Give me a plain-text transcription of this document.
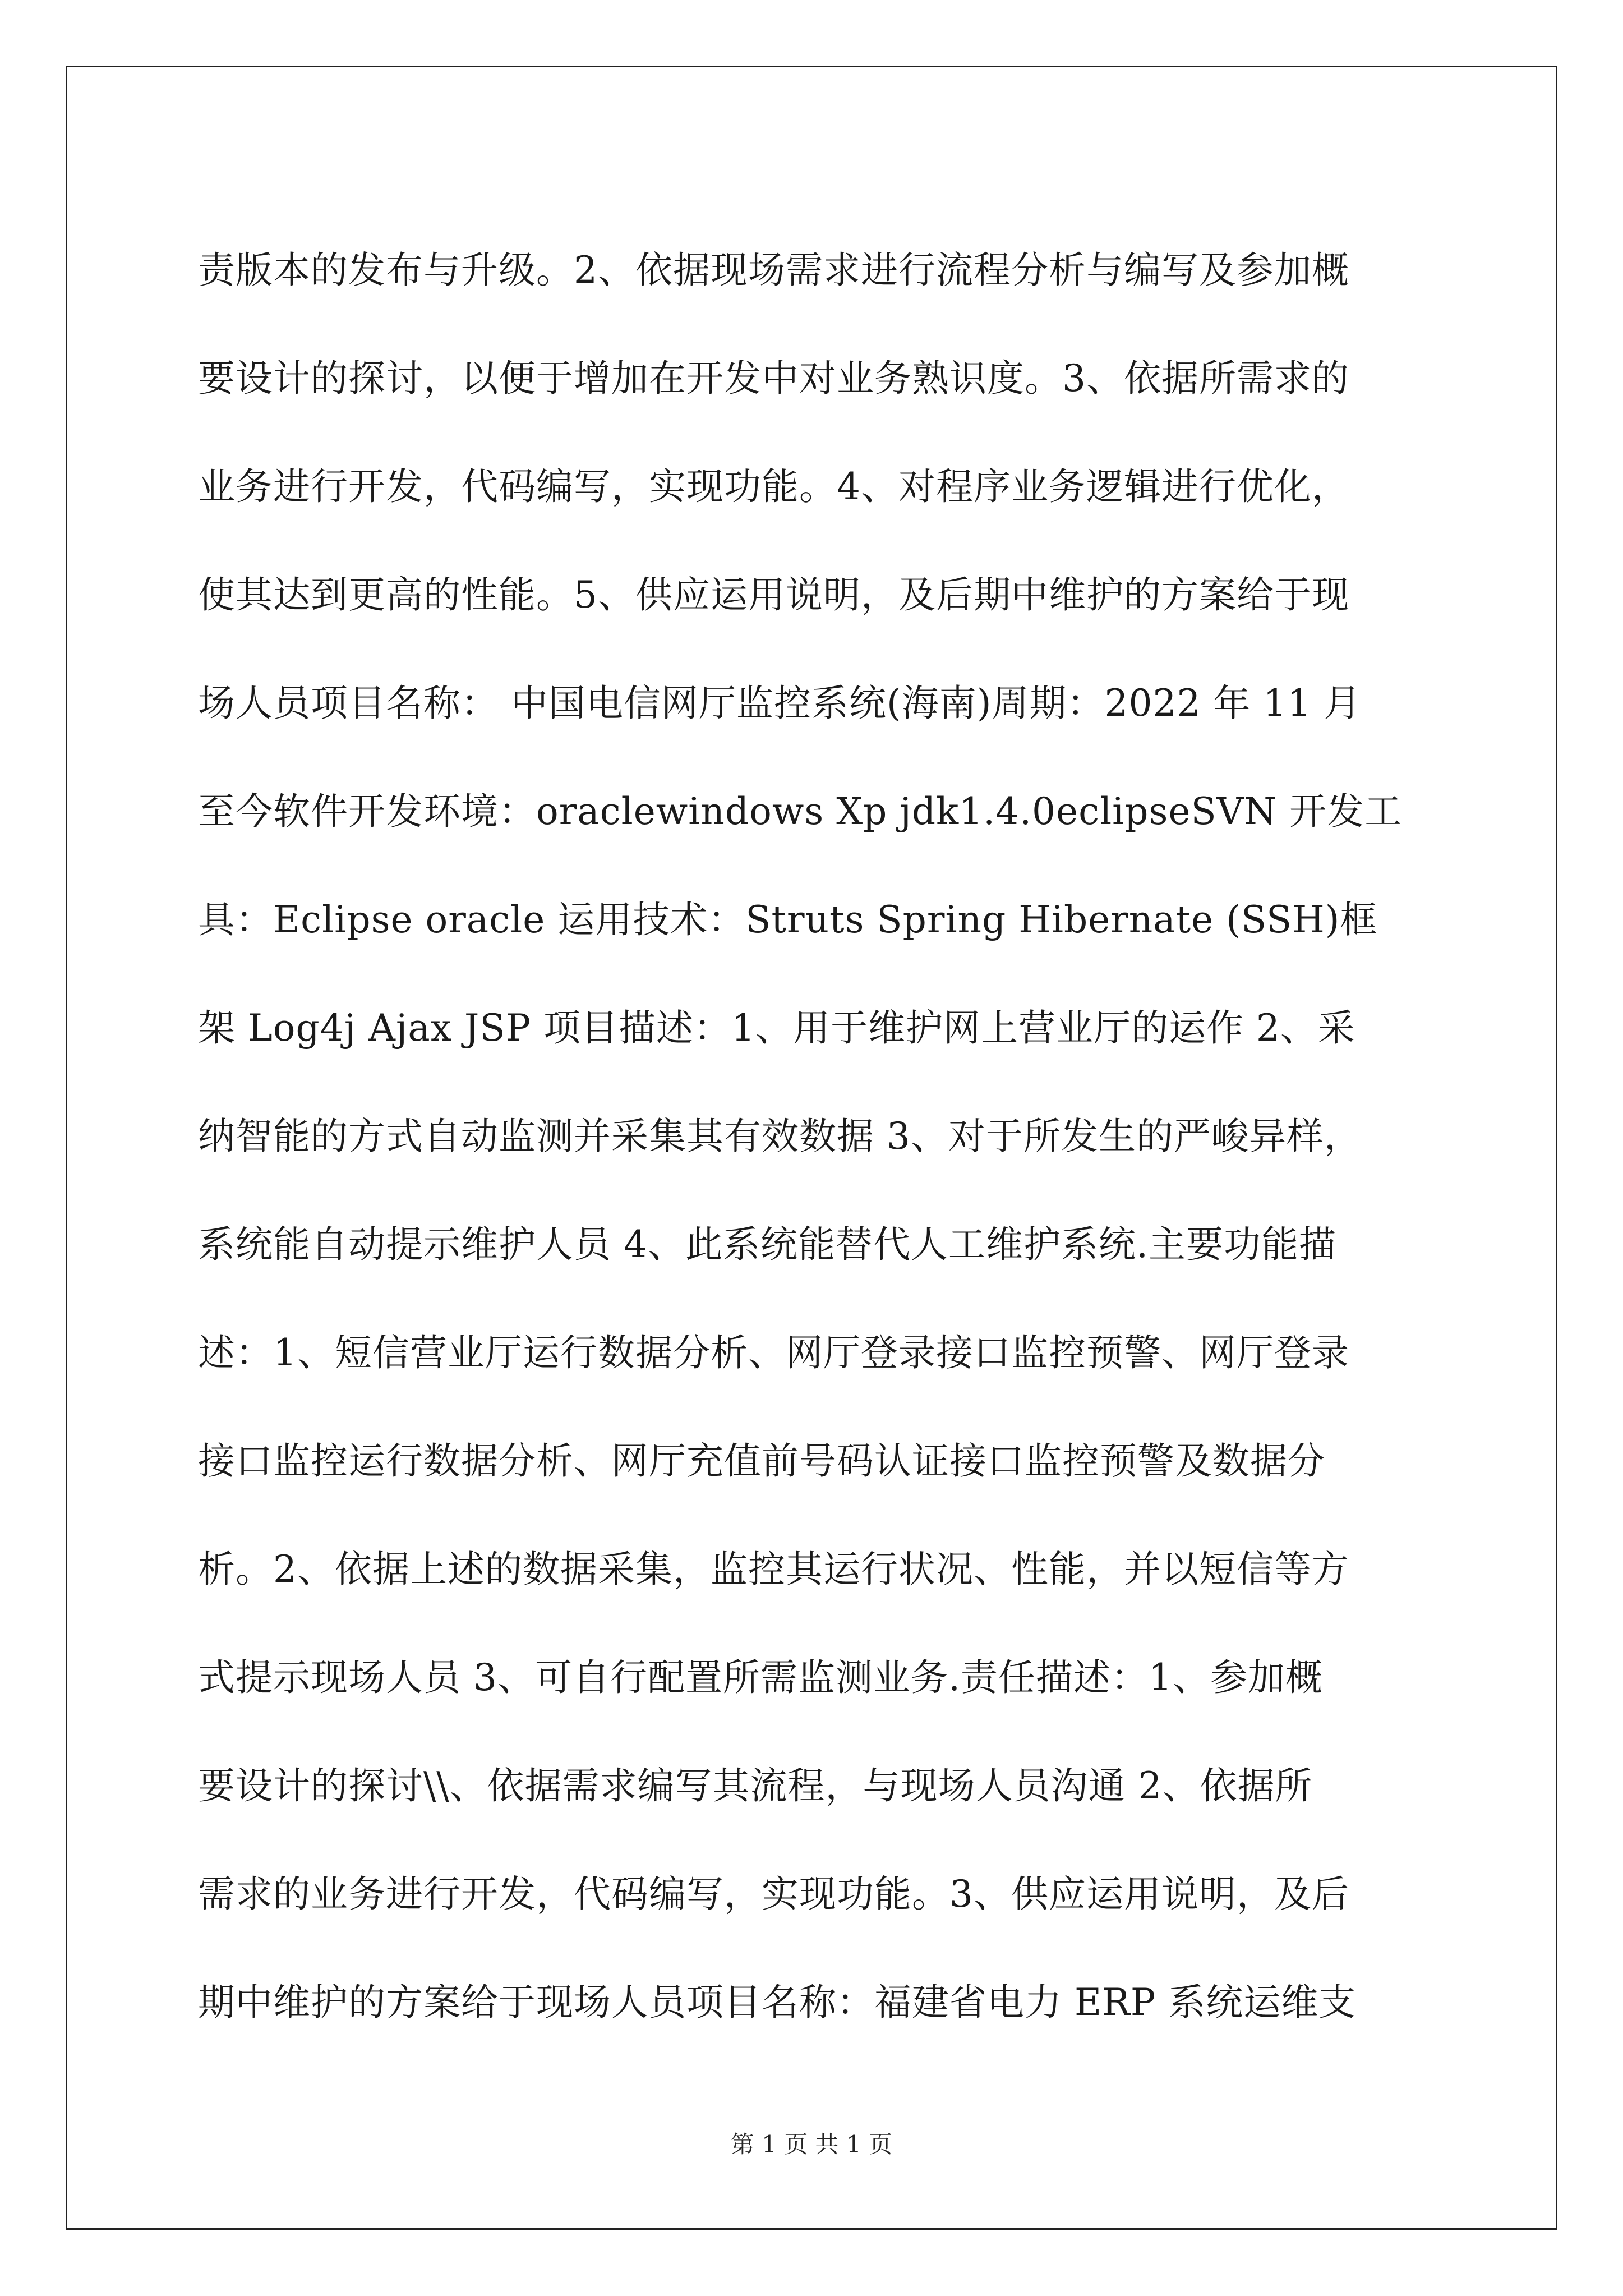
责版本的发布与升级。2、依据现场需求进行流程分析与编写及参加概
要设计的探讨，以便于增加在开发中对业务熟识度。3、依据所需求的
业务进行开发，代码编写，实现功能。4、对程序业务逻辑进行优化，
使其达到更高的性能。5、供应运用说明，及后期中维护的方案给于现
场人员项目名称： 中国电信网厅监控系统(海南)周期：2022 年 11 月
至今软件开发环境：oraclewindows Xp jdk1.4.0eclipseSVN 开发工
具：Eclipse oracle 运用技术：Struts Spring Hibernate (SSH)框
架 Log4j Ajax JSP 项目描述：1、用于维护网上营业厅的运作 2、采
纳智能的方式自动监测并采集其有效数据 3、对于所发生的严峻异样，
系统能自动提示维护人员 4、此系统能替代人工维护系统.主要功能描
述：1、短信营业厅运行数据分析、网厅登录接口监控预警、网厅登录
接口监控运行数据分析、网厅充值前号码认证接口监控预警及数据分
析。2、依据上述的数据采集，监控其运行状况、性能，并以短信等方
式提示现场人员 3、可自行配置所需监测业务.责任描述：1、参加概
要设计的探讨\\、依据需求编写其流程，与现场人员沟通 2、依据所
需求的业务进行开发，代码编写，实现功能。3、供应运用说明，及后
期中维护的方案给于现场人员项目名称：福建省电力 ERP 系统运维支
第 1 页 共 1 页
